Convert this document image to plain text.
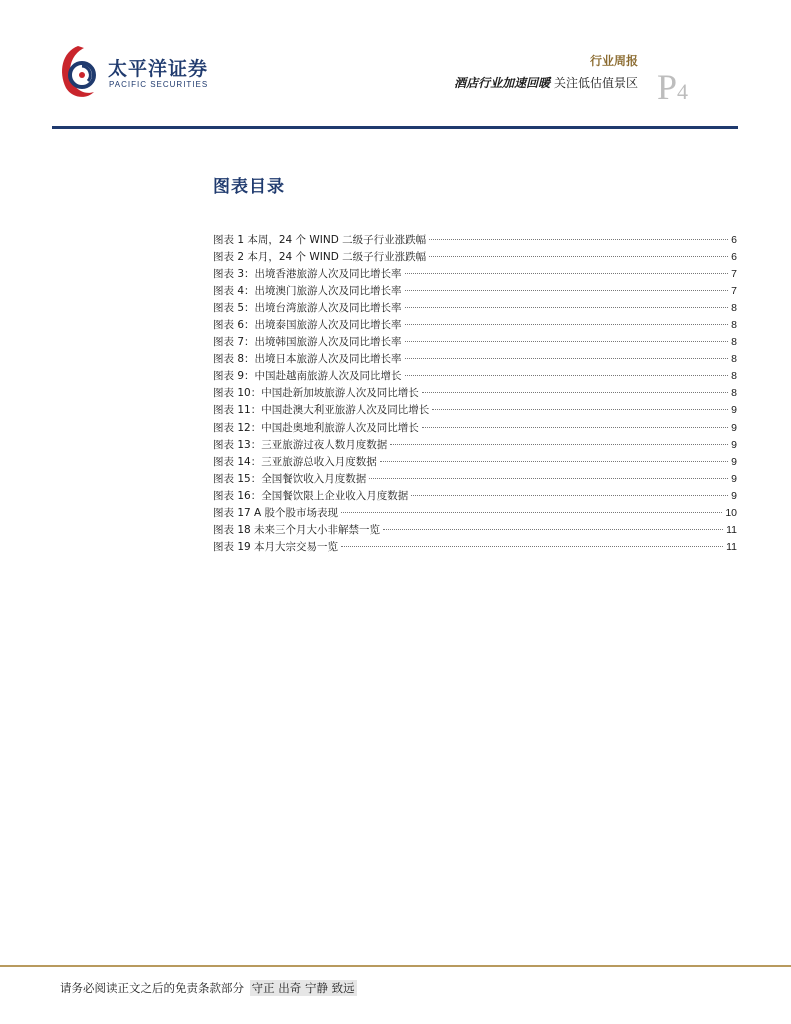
太平洋证券
PACIFIC SECURITIES
行业周报
酒店行业加速回暖 关注低估值景区 P4
图表目录
图表 1 本周，24 个 WIND 二级子行业涨跌幅	6
图表 2 本月，24 个 WIND 二级子行业涨跌幅	6
图表 3：出境香港旅游人次及同比增长率	7
图表 4：出境澳门旅游人次及同比增长率	7
图表 5：出境台湾旅游人次及同比增长率	8
图表 6：出境泰国旅游人次及同比增长率	8
图表 7：出境韩国旅游人次及同比增长率	8
图表 8：出境日本旅游人次及同比增长率	8
图表 9：中国赴越南旅游人次及同比增长	8
图表 10：中国赴新加坡旅游人次及同比增长	8
图表 11：中国赴澳大利亚旅游人次及同比增长	9
图表 12：中国赴奥地利旅游人次及同比增长	9
图表 13：三亚旅游过夜人数月度数据	9
图表 14：三亚旅游总收入月度数据	9
图表 15：全国餐饮收入月度数据	9
图表 16：全国餐饮限上企业收入月度数据	9
图表 17 A 股个股市场表现	10
图表 18 未来三个月大小非解禁一览	11
图表 19 本月大宗交易一览	11
请务必阅读正文之后的免责条款部分 守正 出奇 宁静 致远
